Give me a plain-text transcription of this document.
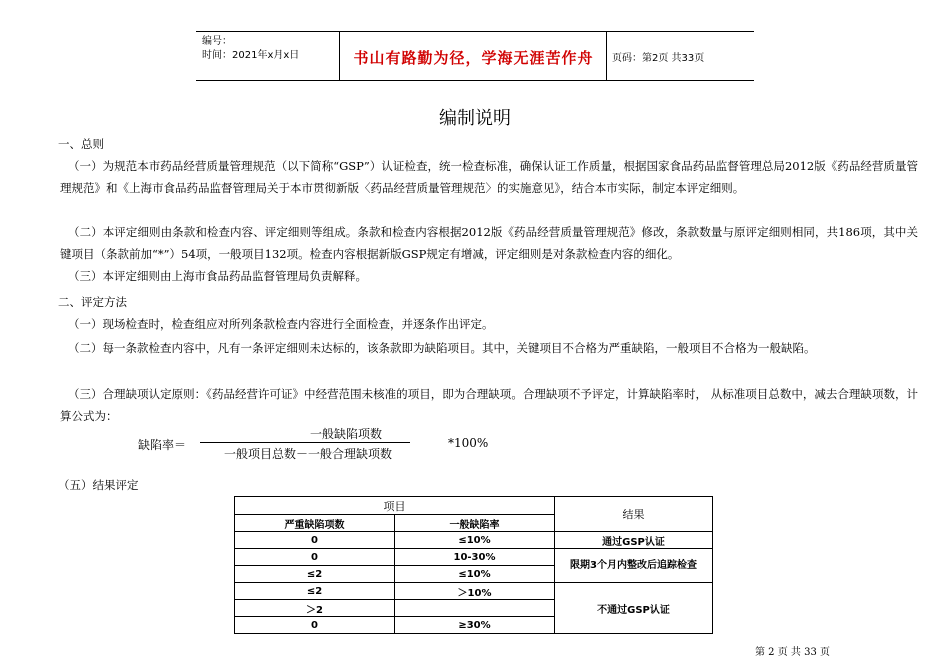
编号：
时间：2021年x月x日	书山有路勤为径，学海无涯苦作舟	页码：第2页 共33页
编制说明
一、总则
（一）为规范本市药品经营质量管理规范（以下简称“GSP”）认证检查，统一检查标准，确保认证工作质量，根据国家食品药品监督管理总局2012版《药品经营质量管理规范》和《上海市食品药品监督管理局关于本市贯彻新版〈药品经营质量管理规范〉的实施意见》，结合本市实际，制定本评定细则。
（二）本评定细则由条款和检查内容、评定细则等组成。条款和检查内容根据2012版《药品经营质量管理规范》修改，条款数量与原评定细则相同，共186项，其中关键项目（条款前加“*”）54项，一般项目132项。检查内容根据新版GSP规定有增减，评定细则是对条款检查内容的细化。
（三）本评定细则由上海市食品药品监督管理局负责解释。
二、评定方法
（一）现场检查时，检查组应对所列条款检查内容进行全面检查，并逐条作出评定。
（二）每一条款检查内容中，凡有一条评定细则未达标的，该条款即为缺陷项目。其中，关键项目不合格为严重缺陷，一般项目不合格为一般缺陷。
（三）合理缺项认定原则：《药品经营许可证》中经营范围未核准的项目，即为合理缺项。合理缺项不予评定，计算缺陷率时， 从标准项目总数中，减去合理缺项数，计算公式为：
缺陷率＝
一般缺陷项数
一般项目总数－一般合理缺项数
*100%
（五）结果评定
项目		结果
严重缺陷项数	一般缺陷率	
0	≤10%	通过GSP认证
0	10-30%	限期3个月内整改后追踪检查
≤2	≤10%	
≤2	＞10%	不通过GSP认证
＞2		
0	≥30%	
第 2 页 共 33 页
